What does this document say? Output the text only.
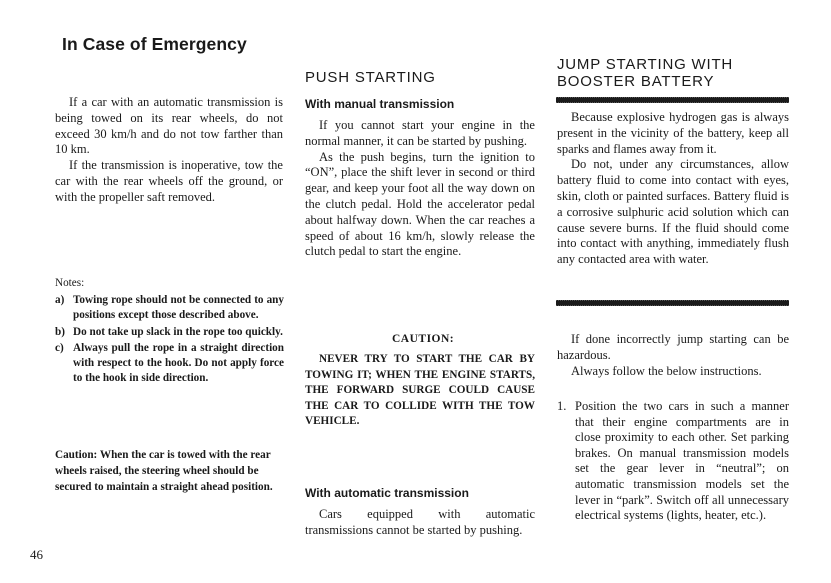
In Case of Emergency

If a car with an automatic transmission is being towed on its rear wheels, do not exceed 30 km/h and do not tow farther than 10 km.

If the transmission is inoperative, tow the car with the rear wheels off the ground, or with the propeller saft removed.

Notes:
a) Towing rope should not be connected to any positions except those described above.
b) Do not take up slack in the rope too quickly.
c) Always pull the rope in a straight direction with respect to the hook. Do not apply force to the hook in side direction.
Caution: When the car is towed with the rear wheels raised, the steering wheel should be secured to maintain a straight ahead position.
PUSH STARTING
With manual transmission

If you cannot start your engine in the normal manner, it can be started by pushing.

As the push begins, turn the ignition to “ON”, place the shift lever in second or third gear, and keep your foot all the way down on the clutch pedal. Hold the accelerator pedal about halfway down. When the car reaches a speed of about 16 km/h, slowly release the clutch pedal to start the engine.

CAUTION:
NEVER TRY TO START THE CAR BY TOWING IT; WHEN THE ENGINE STARTS, THE FORWARD SURGE COULD CAUSE THE CAR TO COLLIDE WITH THE TOW VEHICLE.
With automatic transmission

Cars equipped with automatic transmissions cannot be started by pushing.

JUMP STARTING WITH
BOOSTER BATTERY

Because explosive hydrogen gas is always present in the vicinity of the battery, keep all sparks and flames away from it.

Do not, under any circumstances, allow battery fluid to come into contact with eyes, skin, cloth or painted surfaces. Battery fluid is a corrosive sulphuric acid solution which can cause severe burns. If the fluid should come into contact with anything, immediately flush any contacted area with water.

If done incorrectly jump starting can be hazardous.

Always follow the below instructions.

1. Position the two cars in such a manner that their engine compartments are in close proximity to each other. Set parking brakes. On manual transmission models set the gear lever in “neutral”; on automatic transmission models set the lever in “park”. Switch off all unnecessary electrical systems (lights, heater, etc.).
46
